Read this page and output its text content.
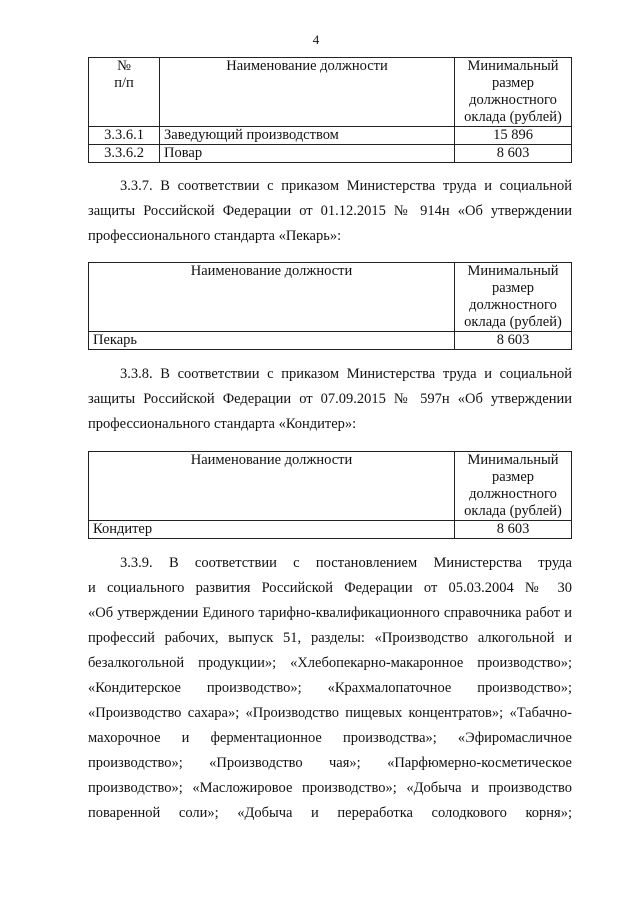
4
№
п/п	Наименование должности	Минимальный
размер
должностного
оклада (рублей)
3.3.6.1	Заведующий производством	15 896
3.3.6.2	Повар	8 603
3.3.7. В соответствии с приказом Министерства труда и социальной
защиты Российской Федерации от 01.12.2015 № 914н «Об утверждении
профессионального стандарта «Пекарь»:
Наименование должности	Минимальный
размер
должностного
оклада (рублей)
Пекарь	8 603
3.3.8. В соответствии с приказом Министерства труда и социальной
защиты Российской Федерации от 07.09.2015 № 597н «Об утверждении
профессионального стандарта «Кондитер»:
Наименование должности	Минимальный
размер
должностного
оклада (рублей)
Кондитер	8 603
3.3.9. В соответствии с постановлением Министерства труда
и социального развития Российской Федерации от 05.03.2004 № 30
«Об утверждении Единого тарифно-квалификационного справочника работ и
профессий рабочих, выпуск 51, разделы: «Производство алкогольной и
безалкогольной продукции»; «Хлебопекарно-макаронное производство»;
«Кондитерское производство»; «Крахмалопаточное производство»;
«Производство сахара»; «Производство пищевых концентратов»; «Табачно-
махорочное и ферментационное производства»; «Эфиромасличное
производство»; «Производство чая»; «Парфюмерно-косметическое
производство»; «Масложировое производство»; «Добыча и производство
поваренной соли»; «Добыча и переработка солодкового корня»;
